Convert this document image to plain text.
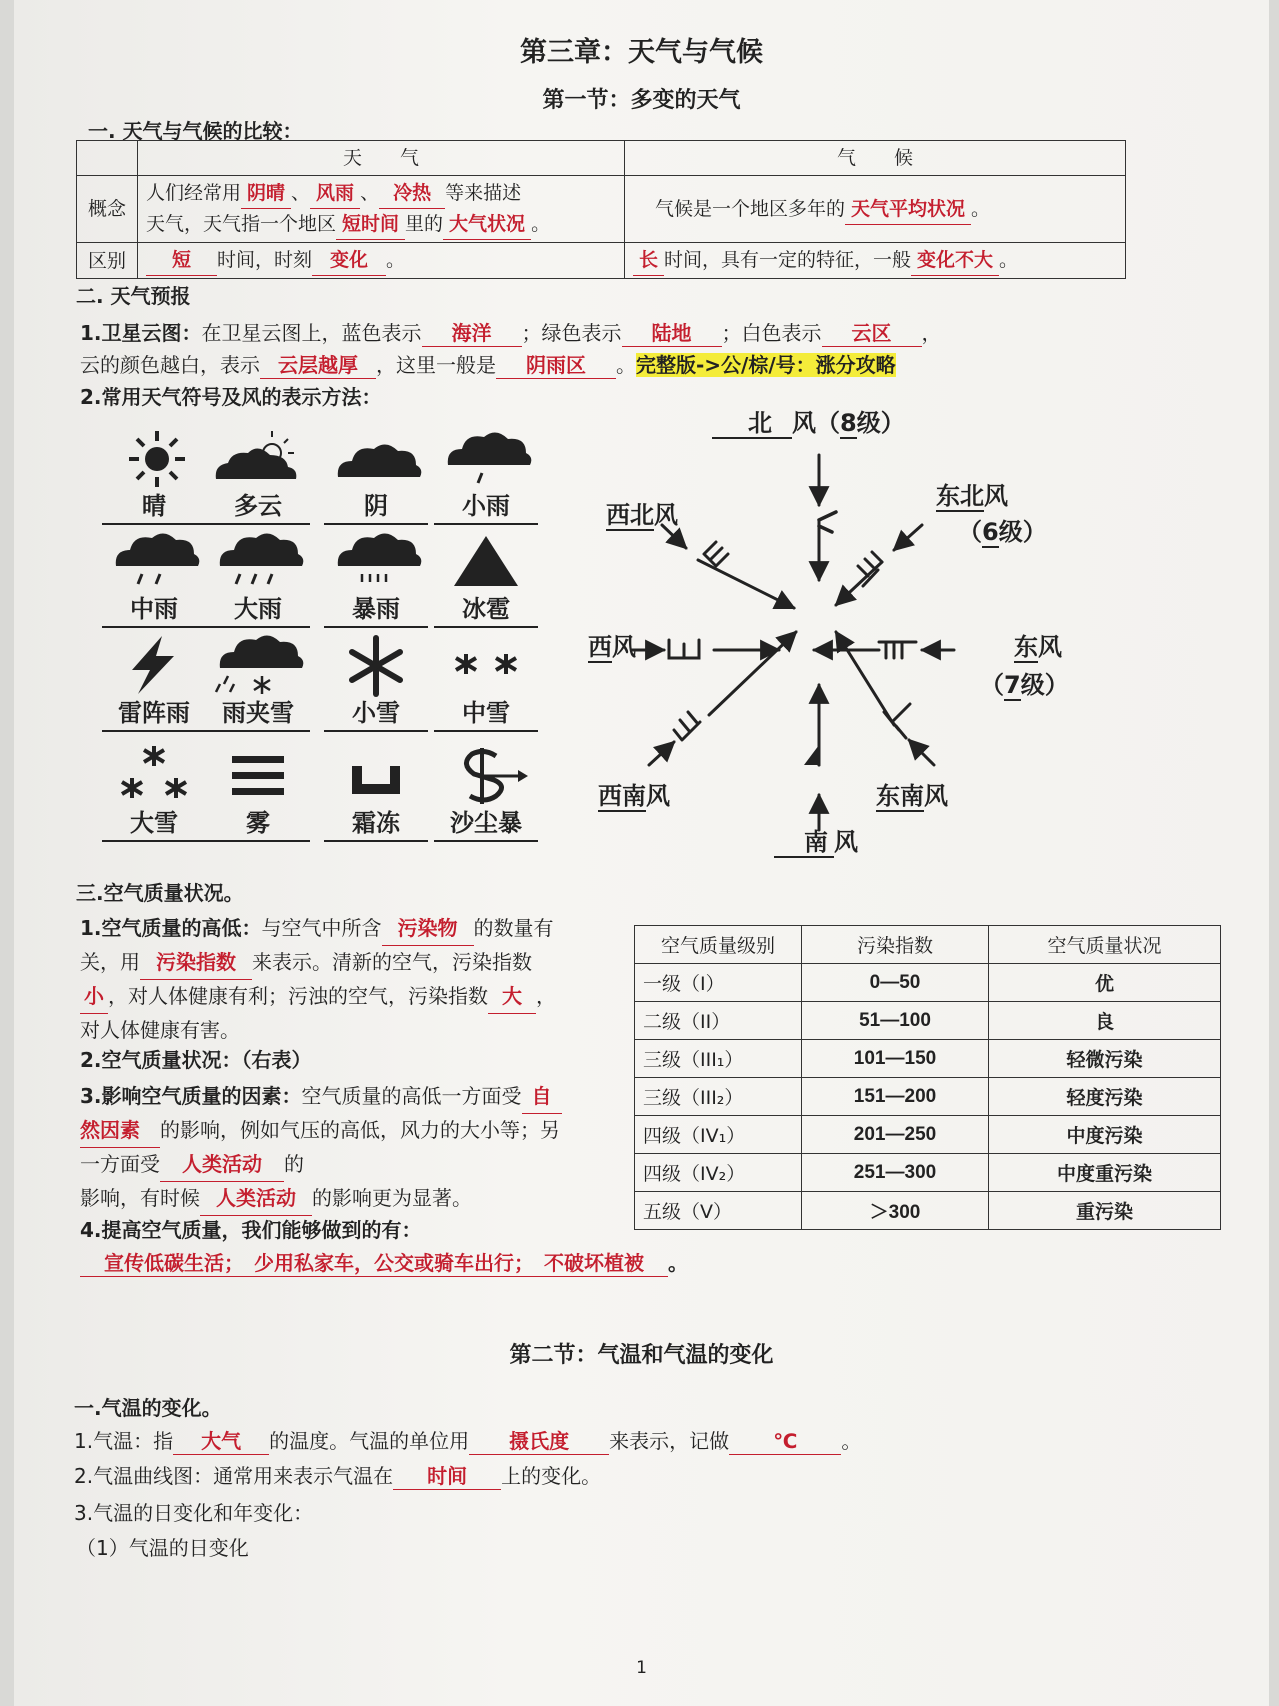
第三章：天气与气候
第一节：多变的天气
一. 天气与气候的比较：
	天　　气	气　　候
概念	人们经常用 阴晴 、 风雨 、 冷热 等来描述
天气，天气指一个地区 短时间 里的 大气状况 。	气候是一个地区多年的 天气平均状况 。
区别	短 时间，时刻 变化 。	长 时间，具有一定的特征，一般 变化不大 。
二. 天气预报
1.卫星云图：在卫星云图上，蓝色表示 海洋 ；绿色表示 陆地 ；白色表示 云区 ，
云的颜色越白，表示 云层越厚 ，这里一般是 阴雨区 。完整版->公/棕/号：涨分攻略
2.常用天气符号及风的表示方法：
晴	多云	阴	小雨
中雨	大雨	暴雨	冰雹
雷阵雨	雨夹雪	小雪	中雪
大雪	雾	霜冻	沙尘暴
北 风（8级）
东北风
（6级）
东风
（7级）
东南风
南 风
西南风
西风
西北风
三.空气质量状况。
1.空气质量的高低：与空气中所含 污染物 的数量有
关，用 污染指数 来表示。清新的空气，污染指数
小 ，对人体健康有利；污浊的空气，污染指数 大 ，
对人体健康有害。
2.空气质量状况：（右表）
3.影响空气质量的因素：空气质量的高低一方面受 自
然因素 的影响，例如气压的高低，风力的大小等；另
一方面受 人类活动 的
影响，有时候 人类活动 的影响更为显著。
4.提高空气质量，我们能够做到的有：
宣传低碳生活；　少用私家车，公交或骑车出行；　不破坏植被 。
空气质量级别	污染指数	空气质量状况
一级（I）	0—50	优
二级（II）	51—100	良
三级（III₁）	101—150	轻微污染
三级（III₂）	151—200	轻度污染
四级（IV₁）	201—250	中度污染
四级（IV₂）	251—300	中度重污染
五级（V）	＞300	重污染
第二节：气温和气温的变化
一.气温的变化。
1.气温：指 大气 的温度。气温的单位用 摄氏度 来表示，记做 ℃ 。
2.气温曲线图：通常用来表示气温在 时间 上的变化。
3.气温的日变化和年变化：
（1）气温的日变化
1
